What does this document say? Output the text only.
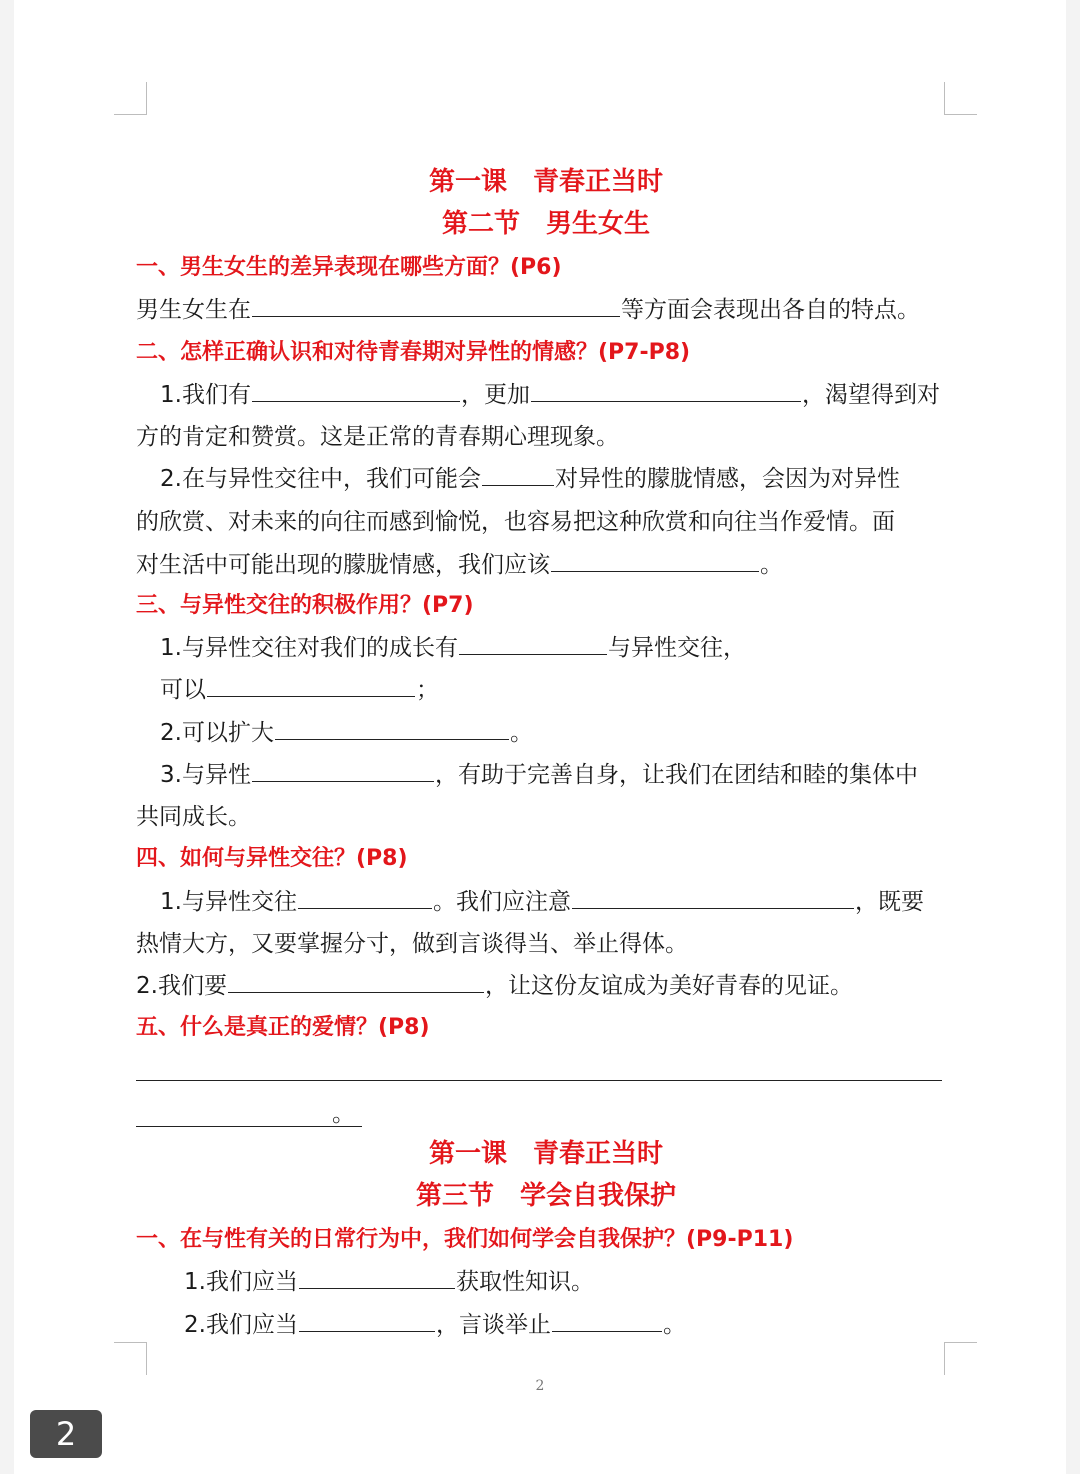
第一课　青春正当时
第二节　男生女生
一、男生女生的差异表现在哪些方面？(P6)
男生女生在	等方面会表现出各自的特点。
二、怎样正确认识和对待青春期对异性的情感？(P7-P8)
1.我们有	，更加	，渴望得到对
方的肯定和赞赏。这是正常的青春期心理现象。
2.在与异性交往中，我们可能会	对异性的朦胧情感，会因为对异性
的欣赏、对未来的向往而感到愉悦，也容易把这种欣赏和向往当作爱情。面
对生活中可能出现的朦胧情感，我们应该	。
三、与异性交往的积极作用？(P7)
1.与异性交往对我们的成长有	与异性交往，
可以	；
2.可以扩大	。
3.与异性	，有助于完善自身，让我们在团结和睦的集体中
共同成长。
四、如何与异性交往？(P8)
1.与异性交往	。我们应注意	，既要
热情大方，又要掌握分寸，做到言谈得当、举止得体。
2.我们要	，让这份友谊成为美好青春的见证。
五、什么是真正的爱情？(P8)
。
第一课　青春正当时
第三节　学会自我保护
一、在与性有关的日常行为中，我们如何学会自我保护？(P9-P11)
1.我们应当	获取性知识。
2.我们应当	，言谈举止	。
2
2
